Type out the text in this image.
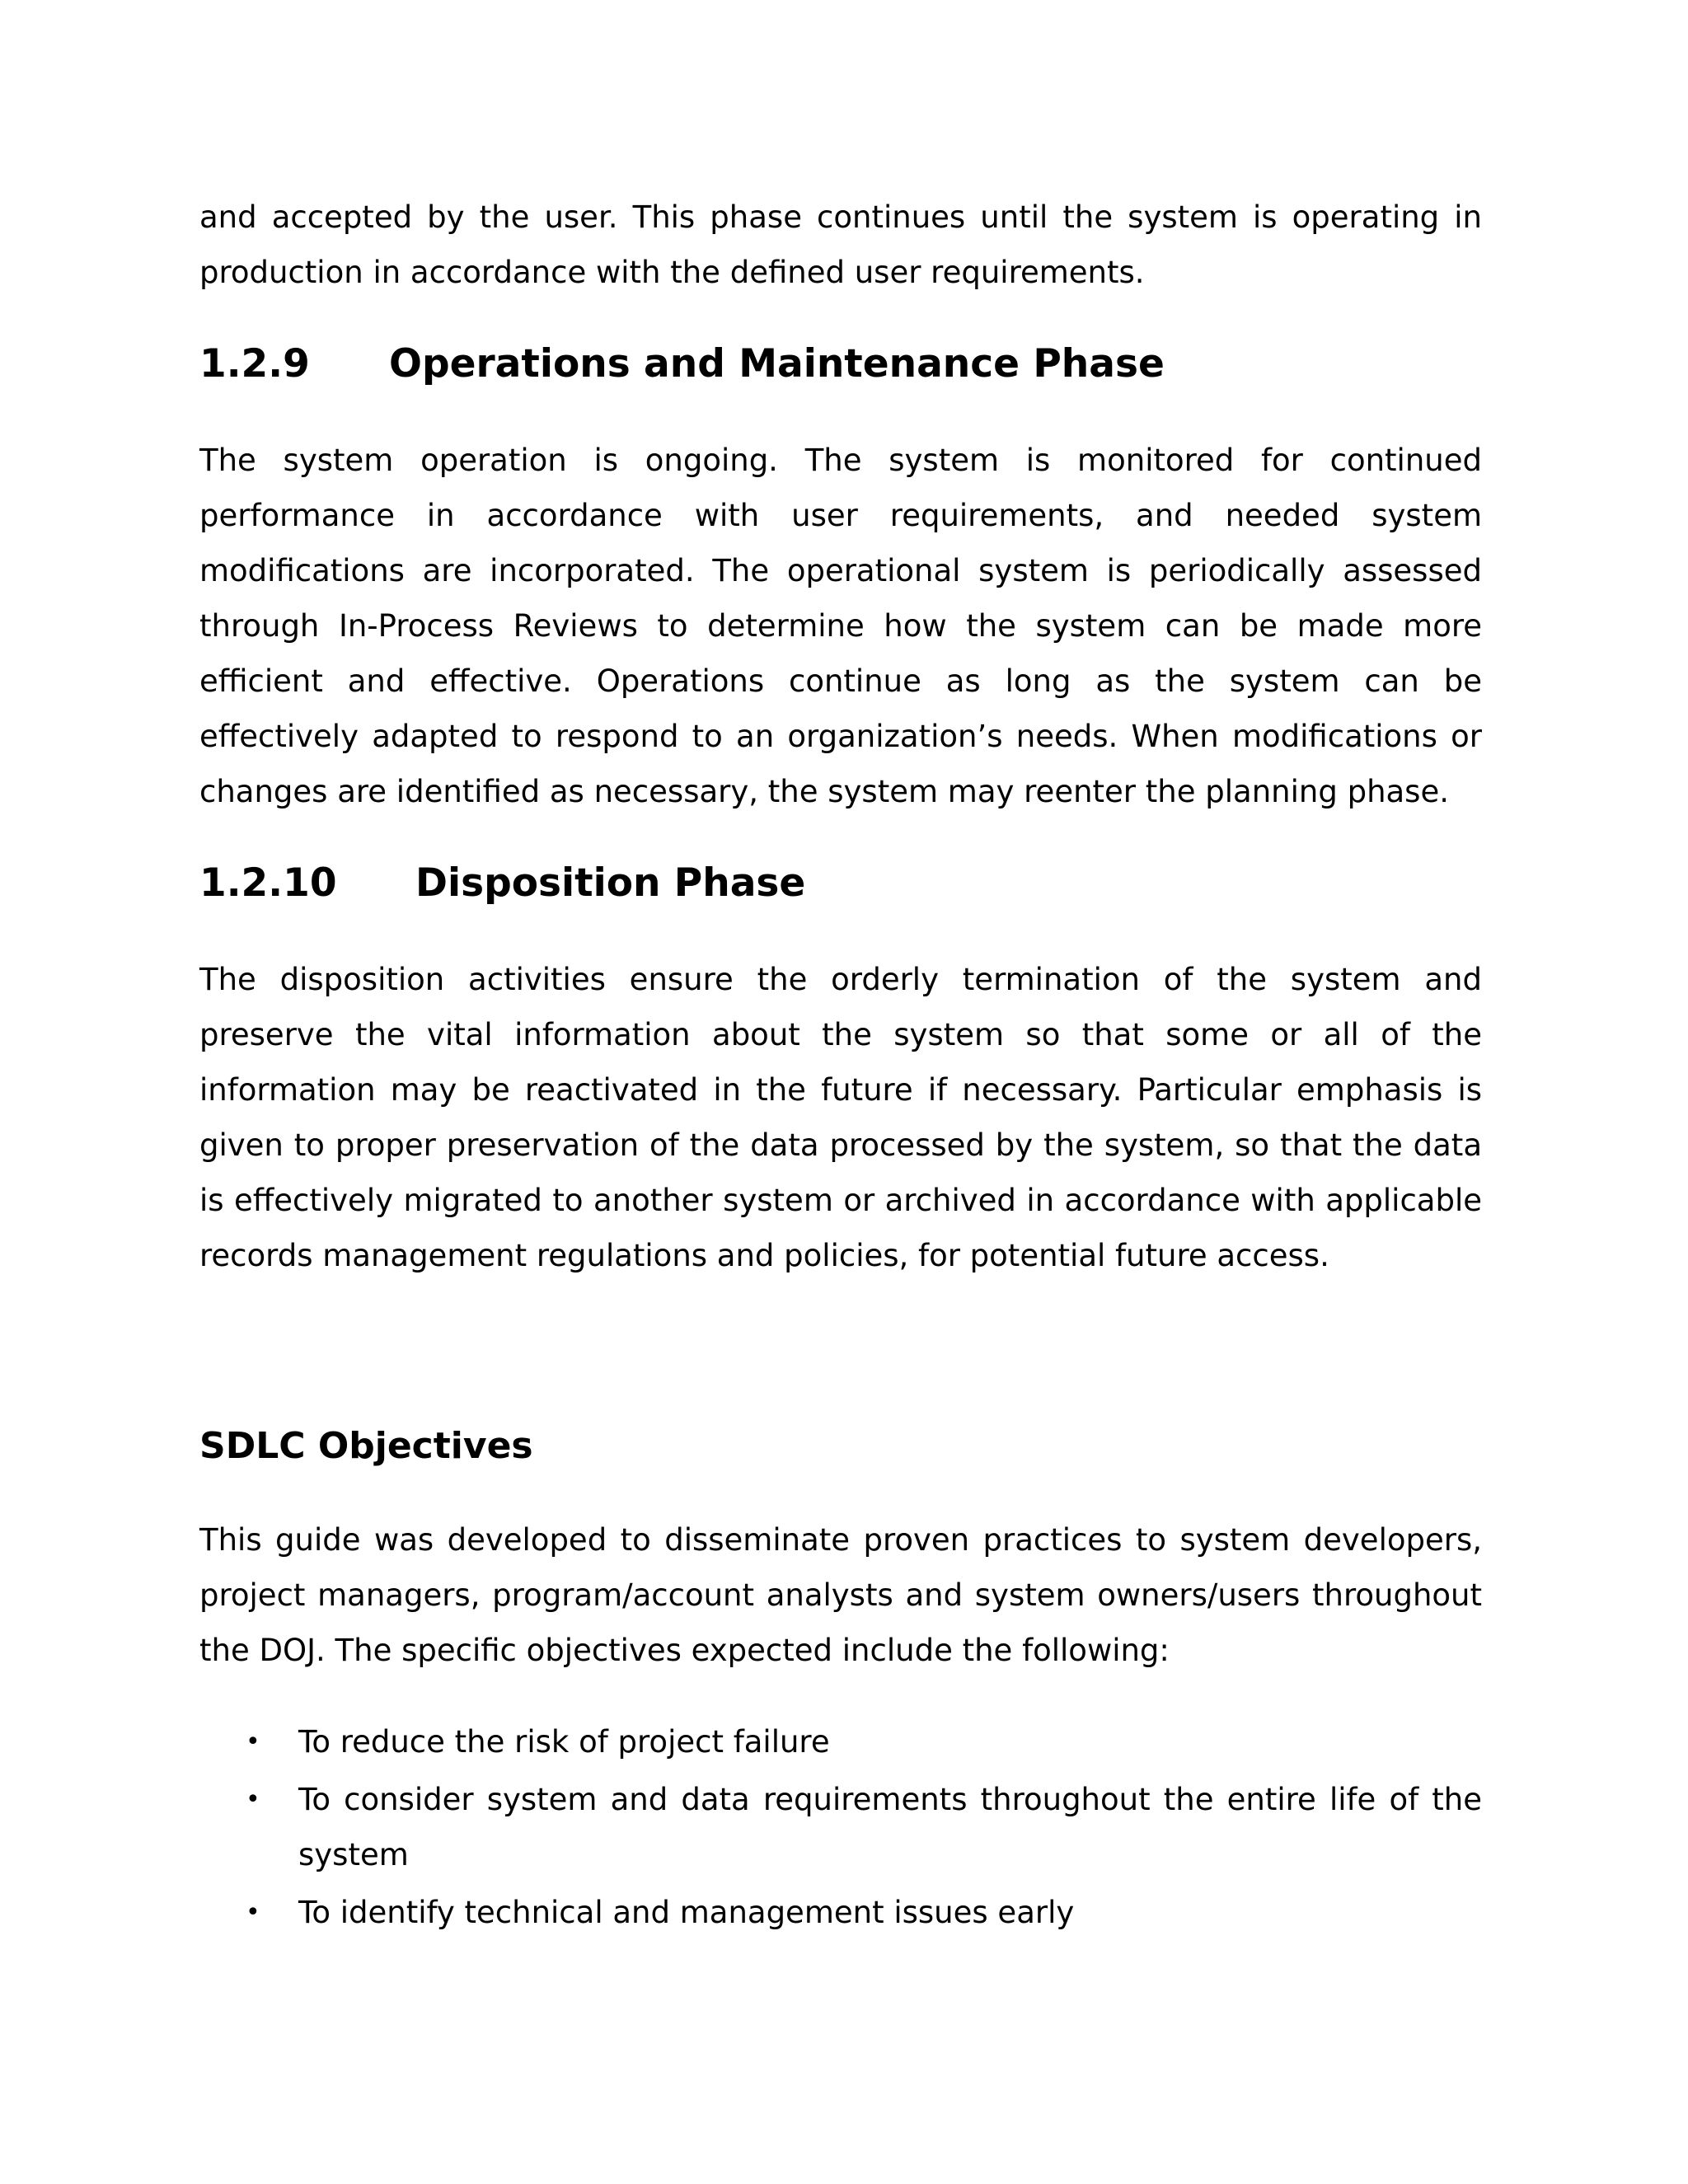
and accepted by the user. This phase continues until the system is operating in production in accordance with the defined user requirements.

1.2.9	Operations and Maintenance Phase

The system operation is ongoing. The system is monitored for continued performance in accordance with user requirements, and needed system modifications are incorporated. The operational system is periodically assessed through In-Process Reviews to determine how the system can be made more efficient and effective. Operations continue as long as the system can be effectively adapted to respond to an organization’s needs. When modifications or changes are identified as necessary, the system may reenter the planning phase.

1.2.10	Disposition Phase

The disposition activities ensure the orderly termination of the system and preserve the vital information about the system so that some or all of the information may be reactivated in the future if necessary. Particular emphasis is given to proper preservation of the data processed by the system, so that the data is effectively migrated to another system or archived in accordance with applicable records management regulations and policies, for potential future access.

SDLC Objectives

This guide was developed to disseminate proven practices to system developers, project managers, program/account analysts and system owners/users throughout the DOJ. The specific objectives expected include the following:

• To reduce the risk of project failure
• To consider system and data requirements throughout the entire life of the system
• To identify technical and management issues early
